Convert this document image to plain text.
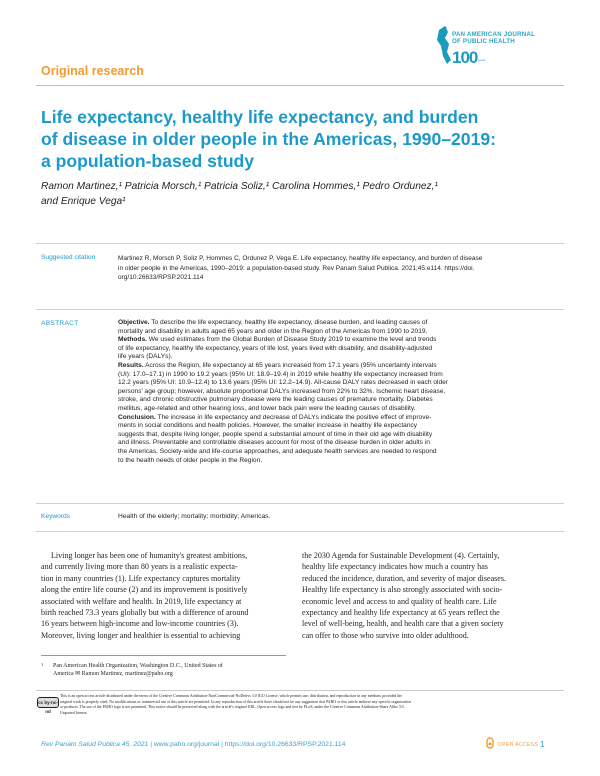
PAN AMERICAN JOURNAL
OF PUBLIC HEALTH
100 years
Original research
Life expectancy, healthy life expectancy, and burden
of disease in older people in the Americas, 1990–2019:
a population-based study
Ramon Martinez,¹ Patricia Morsch,¹ Patricia Soliz,¹ Carolina Hommes,¹ Pedro Ordunez,¹
and Enrique Vega¹
Suggested citation	Martinez R, Morsch P, Soliz P, Hommes C, Ordunez P, Vega E. Life expectancy, healthy life expectancy, and burden of disease
in older people in the Americas, 1990–2019: a population-based study. Rev Panam Salud Publica. 2021;45:e114. https://doi.
org/10.26633/RPSP.2021.114
ABSTRACT	Objective. To describe the life expectancy, healthy life expectancy, disease burden, and leading causes of
mortality and disability in adults aged 65 years and older in the Region of the Americas from 1990 to 2019.

Methods. We used estimates from the Global Burden of Disease Study 2019 to examine the level and trends
of life expectancy, healthy life expectancy, years of life lost, years lived with disability, and disability-adjusted
life years (DALYs).

Results. Across the Region, life expectancy at 65 years increased from 17.1 years (95% uncertainty intervals
(UI): 17.0–17.1) in 1990 to 19.2 years (95% UI: 18.9–19.4) in 2019 while healthy life expectancy increased from
12.2 years (95% UI: 10.9–12.4) to 13.6 years (95% UI: 12.2–14.9). All-cause DALY rates decreased in each older
persons' age group; however, absolute proportional DALYs increased from 22% to 32%. Ischemic heart disease,
stroke, and chronic obstructive pulmonary disease were the leading causes of premature mortality. Diabetes
mellitus, age-related and other hearing loss, and lower back pain were the leading causes of disability.

Conclusion. The increase in life expectancy and decrease of DALYs indicate the positive effect of improve-
ments in social conditions and health policies. However, the smaller increase in healthy life expectancy
suggests that, despite living longer, people spend a substantial amount of time in their old age with disability
and illness. Preventable and controllable diseases account for most of the disease burden in older adults in
the Americas. Society-wide and life-course approaches, and adequate health services are needed to respond
to the health needs of older people in the Region.

Keywords	Health of the elderly; mortality; morbidity; Americas.
Living longer has been one of humanity's greatest ambitions,
and currently living more than 80 years is a realistic expecta-
tion in many countries (1). Life expectancy captures mortality
along the entire life course (2) and its improvement is positively
associated with welfare and health. In 2019, life expectancy at
birth reached 73.3 years globally but with a difference of around
16 years between high-income and low-income countries (3).
Moreover, living longer and healthier is essential to achieving
the 2030 Agenda for Sustainable Development (4). Certainly,
healthy life expectancy indicates how much a country has
reduced the incidence, duration, and severity of major diseases.
Healthy life expectancy is also strongly associated with socio-
economic level and access to and quality of health care. Life
expectancy and healthy life expectancy at 65 years reflect the
level of well-being, health, and health care that a given society
can offer to those who survive into older adulthood.
1	Pan American Health Organization, Washington D.C., United States of
America ✉ Ramon Martinez, martinez@paho.org
cc by-nc-nd
This is an open access article distributed under the terms of the Creative Commons Attribution-NonCommercial-NoDerivs 3.0 IGO License, which permits use, distribution, and reproduction in any medium, provided the
original work is properly cited. No modifications or commercial use of this article are permitted. In any reproduction of this article there should not be any suggestion that PAHO or this article endorse any specific organization
or products. The use of the PAHO logo is not permitted. This notice should be preserved along with the article's original URL. Open access logo and text by PLoS, under the Creative Commons Attribution-Share Alike 3.0
Unported license.
Rev Panam Salud Publica 45, 2021 | www.paho.org/journal | https://doi.org/10.26633/RPSP.2021.114	OPEN ACCESS 1
